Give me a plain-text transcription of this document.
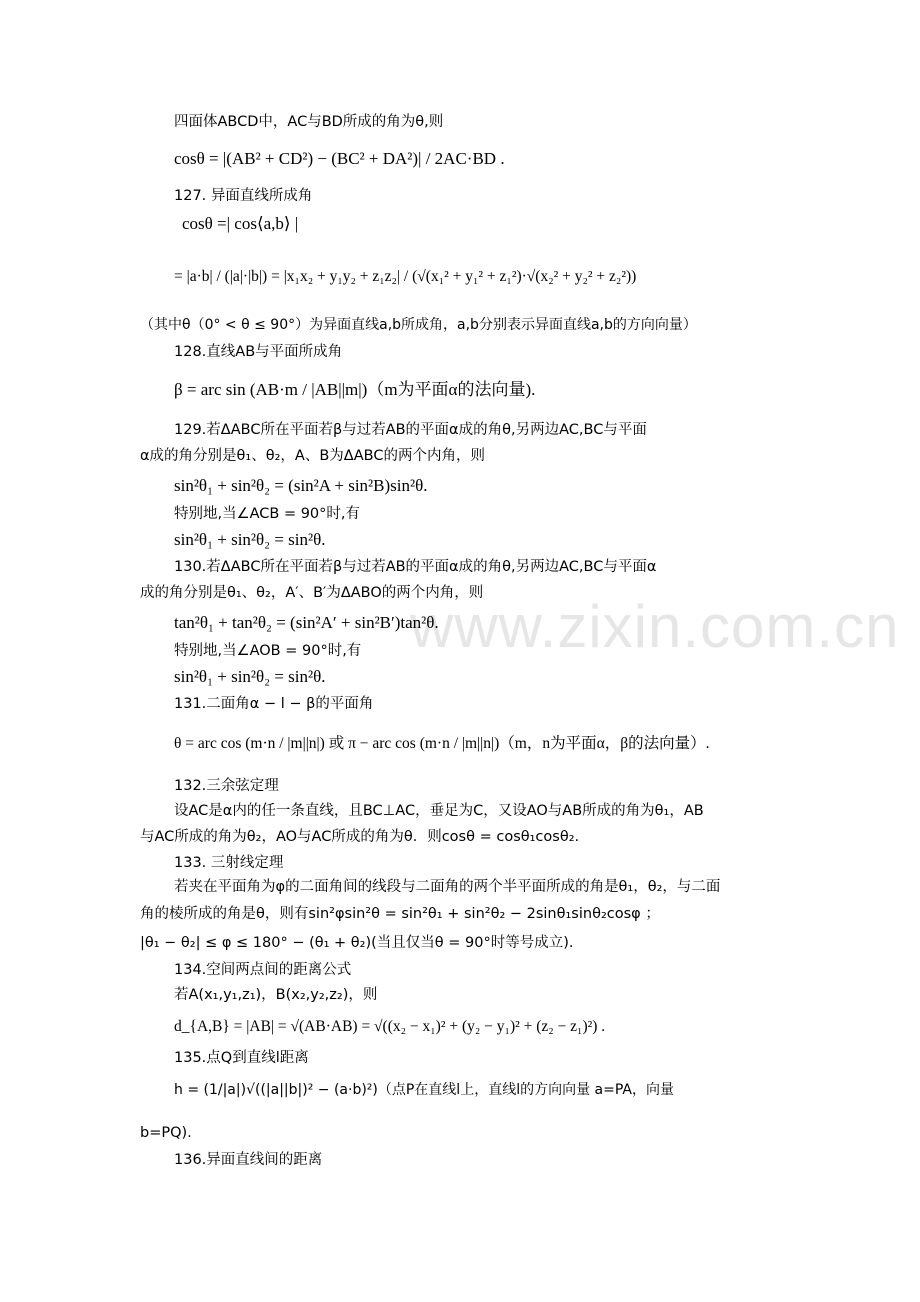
www.zixin.com.cn
四面体ABCD中，AC与BD所成的角为θ,则
cosθ = |(AB² + CD²) − (BC² + DA²)| / 2AC·BD .
127. 异面直线所成角
cosθ =| cos⟨a,b⟩ |
= |a·b| / (|a|·|b|) = |x₁x₂ + y₁y₂ + z₁z₂| / (√(x₁² + y₁² + z₁²)·√(x₂² + y₂² + z₂²))
（其中θ（0° < θ ≤ 90°）为异面直线a,b所成角，a,b分别表示异面直线a,b的方向向量）
128.直线AB与平面所成角
β = arc sin (AB·m / |AB||m|)（m为平面α的法向量).
129.若ΔABC所在平面若β与过若AB的平面α成的角θ,另两边AC,BC与平面
α成的角分别是θ₁、θ₂，A、B为ΔABC的两个内角，则
sin²θ₁ + sin²θ₂ = (sin²A + sin²B)sin²θ.
特别地,当∠ACB = 90°时,有
sin²θ₁ + sin²θ₂ = sin²θ.
130.若ΔABC所在平面若β与过若AB的平面α成的角θ,另两边AC,BC与平面α
成的角分别是θ₁、θ₂，A′、B′为ΔABO的两个内角，则
tan²θ₁ + tan²θ₂ = (sin²A′ + sin²B′)tan²θ.
特别地,当∠AOB = 90°时,有
sin²θ₁ + sin²θ₂ = sin²θ.
131.二面角α − l − β的平面角
θ = arc cos (m·n / |m||n|) 或 π − arc cos (m·n / |m||n|)（m，n为平面α，β的法向量）.
132.三余弦定理
设AC是α内的任一条直线，且BC⊥AC，垂足为C，又设AO与AB所成的角为θ₁，AB
与AC所成的角为θ₂，AO与AC所成的角为θ．则cosθ = cosθ₁cosθ₂.
133. 三射线定理
若夹在平面角为φ的二面角间的线段与二面角的两个半平面所成的角是θ₁，θ₂，与二面
角的棱所成的角是θ，则有sin²φsin²θ = sin²θ₁ + sin²θ₂ − 2sinθ₁sinθ₂cosφ ；
|θ₁ − θ₂| ≤ φ ≤ 180° − (θ₁ + θ₂)(当且仅当θ = 90°时等号成立).
134.空间两点间的距离公式
若A(x₁,y₁,z₁)，B(x₂,y₂,z₂)，则
d_{A,B} = |AB| = √(AB·AB) = √((x₂ − x₁)² + (y₂ − y₁)² + (z₂ − z₁)²) .
135.点Q到直线l距离
h = (1/|a|)√((|a||b|)² − (a·b)²)（点P在直线l上，直线l的方向向量 a=PA，向量
b=PQ).
136.异面直线间的距离
